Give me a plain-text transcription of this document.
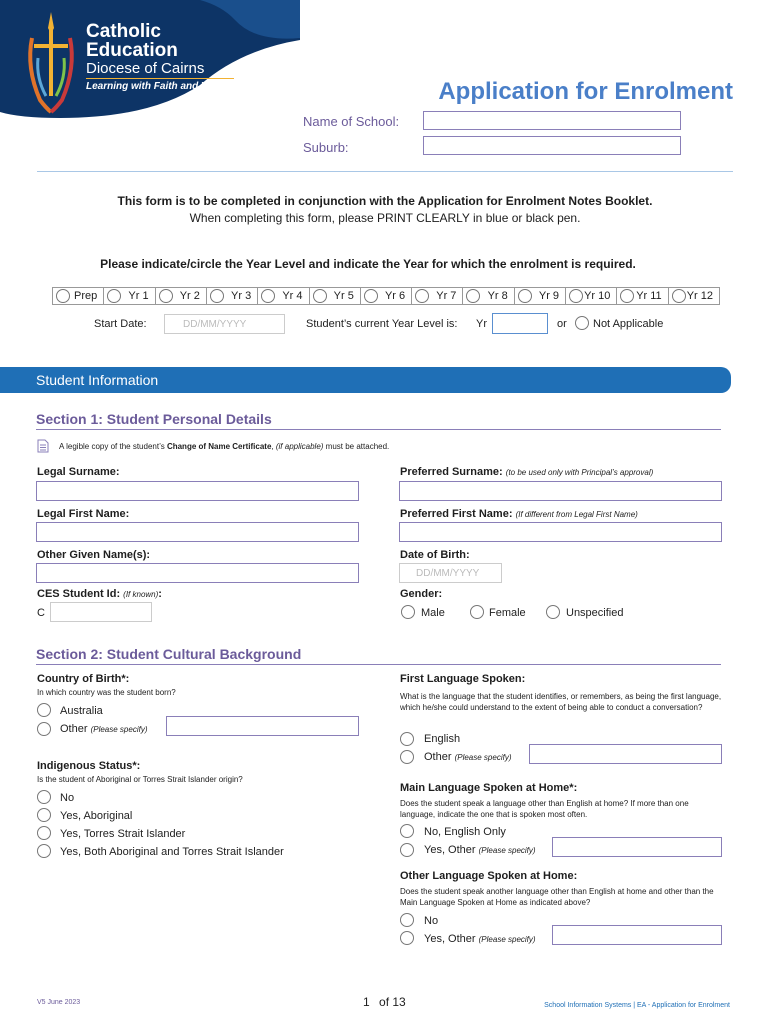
Catholic
Education
Diocese of Cairns
Learning with Faith and Vision	Application for Enrolment
Name of School:
Suburb:
This form is to be completed in conjunction with the Application for Enrolment Notes Booklet.
When completing this form, please PRINT CLEARLY in blue or black pen.
Please indicate/circle the Year Level and indicate the Year for which the enrolment is required.
Prep	Yr 1	Yr 2	Yr 3	Yr 4	Yr 5	Yr 6	Yr 7	Yr 8	Yr 9 Yr 10 Yr 11 Yr 12
Start Date:	DD/MM/YYYY	Student’s current Year Level is: Yr	or Not Applicable
Student Information
Section 1: Student Personal Details
A legible copy of the student’s Change of Name Certificate, (if applicable) must be attached.
Legal Surname:	Preferred Surname: (to be used only with Principal’s approval)
Legal First Name:	Preferred First Name: (If different from Legal First Name)
Other Given Name(s):	Date of Birth:
DD/MM/YYYY
CES Student Id: (If known):
C
Gender:
Male	Female	Unspecified
Section 2: Student Cultural Background
Country of Birth*:
In which country was the student born?
Australia
Other (Please specify)
Indigenous Status*:
Is the student of Aboriginal or Torres Strait Islander origin?
No
Yes, Aboriginal
Yes, Torres Strait Islander
Yes, Both Aboriginal and Torres Strait Islander
First Language Spoken:
What is the language that the student identifies, or remembers, as being the first language, which he/she could understand to the extent of being able to conduct a conversation?
English
Other (Please specify)
Main Language Spoken at Home*:
Does the student speak a language other than English at home? If more than one language, indicate the one that is spoken most often.
No, English Only
Yes, Other (Please specify)
Other Language Spoken at Home:
Does the student speak another language other than English at home and other than the Main Language Spoken at Home as indicated above?
No
Yes, Other (Please specify)
V5 June 2023	1 of 13	School Information Systems | EA - Application for Enrolment
